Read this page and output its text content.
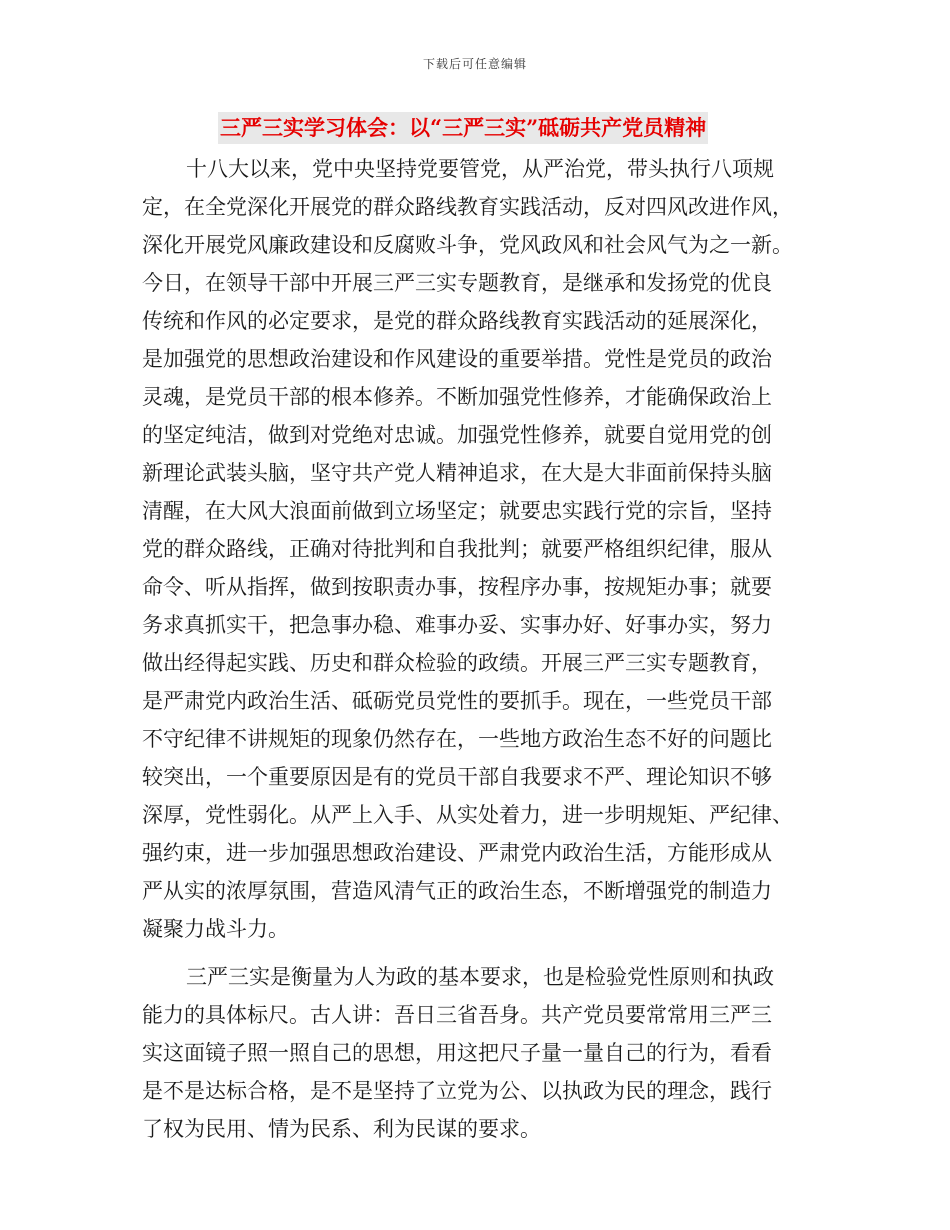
下载后可任意编辑
三严三实学习体会：以“三严三实”砥砺共产党员精神

十八大以来，党中央坚持党要管党，从严治党，带头执行八项规
定，在全党深化开展党的群众路线教育实践活动，反对四风改进作风，
深化开展党风廉政建设和反腐败斗争，党风政风和社会风气为之一新。
今日，在领导干部中开展三严三实专题教育，是继承和发扬党的优良
传统和作风的必定要求，是党的群众路线教育实践活动的延展深化，
是加强党的思想政治建设和作风建设的重要举措。党性是党员的政治
灵魂，是党员干部的根本修养。不断加强党性修养，才能确保政治上
的坚定纯洁，做到对党绝对忠诚。加强党性修养，就要自觉用党的创
新理论武装头脑，坚守共产党人精神追求，在大是大非面前保持头脑
清醒，在大风大浪面前做到立场坚定；就要忠实践行党的宗旨，坚持
党的群众路线，正确对待批判和自我批判；就要严格组织纪律，服从
命令、听从指挥，做到按职责办事，按程序办事，按规矩办事；就要
务求真抓实干，把急事办稳、难事办妥、实事办好、好事办实，努力
做出经得起实践、历史和群众检验的政绩。开展三严三实专题教育，
是严肃党内政治生活、砥砺党员党性的要抓手。现在，一些党员干部
不守纪律不讲规矩的现象仍然存在，一些地方政治生态不好的问题比
较突出，一个重要原因是有的党员干部自我要求不严、理论知识不够
深厚，党性弱化。从严上入手、从实处着力，进一步明规矩、严纪律、
强约束，进一步加强思想政治建设、严肃党内政治生活，方能形成从
严从实的浓厚氛围，营造风清气正的政治生态，不断增强党的制造力
凝聚力战斗力。

三严三实是衡量为人为政的基本要求，也是检验党性原则和执政
能力的具体标尺。古人讲：吾日三省吾身。共产党员要常常用三严三
实这面镜子照一照自己的思想，用这把尺子量一量自己的行为，看看
是不是达标合格，是不是坚持了立党为公、以执政为民的理念，践行
了权为民用、情为民系、利为民谋的要求。
